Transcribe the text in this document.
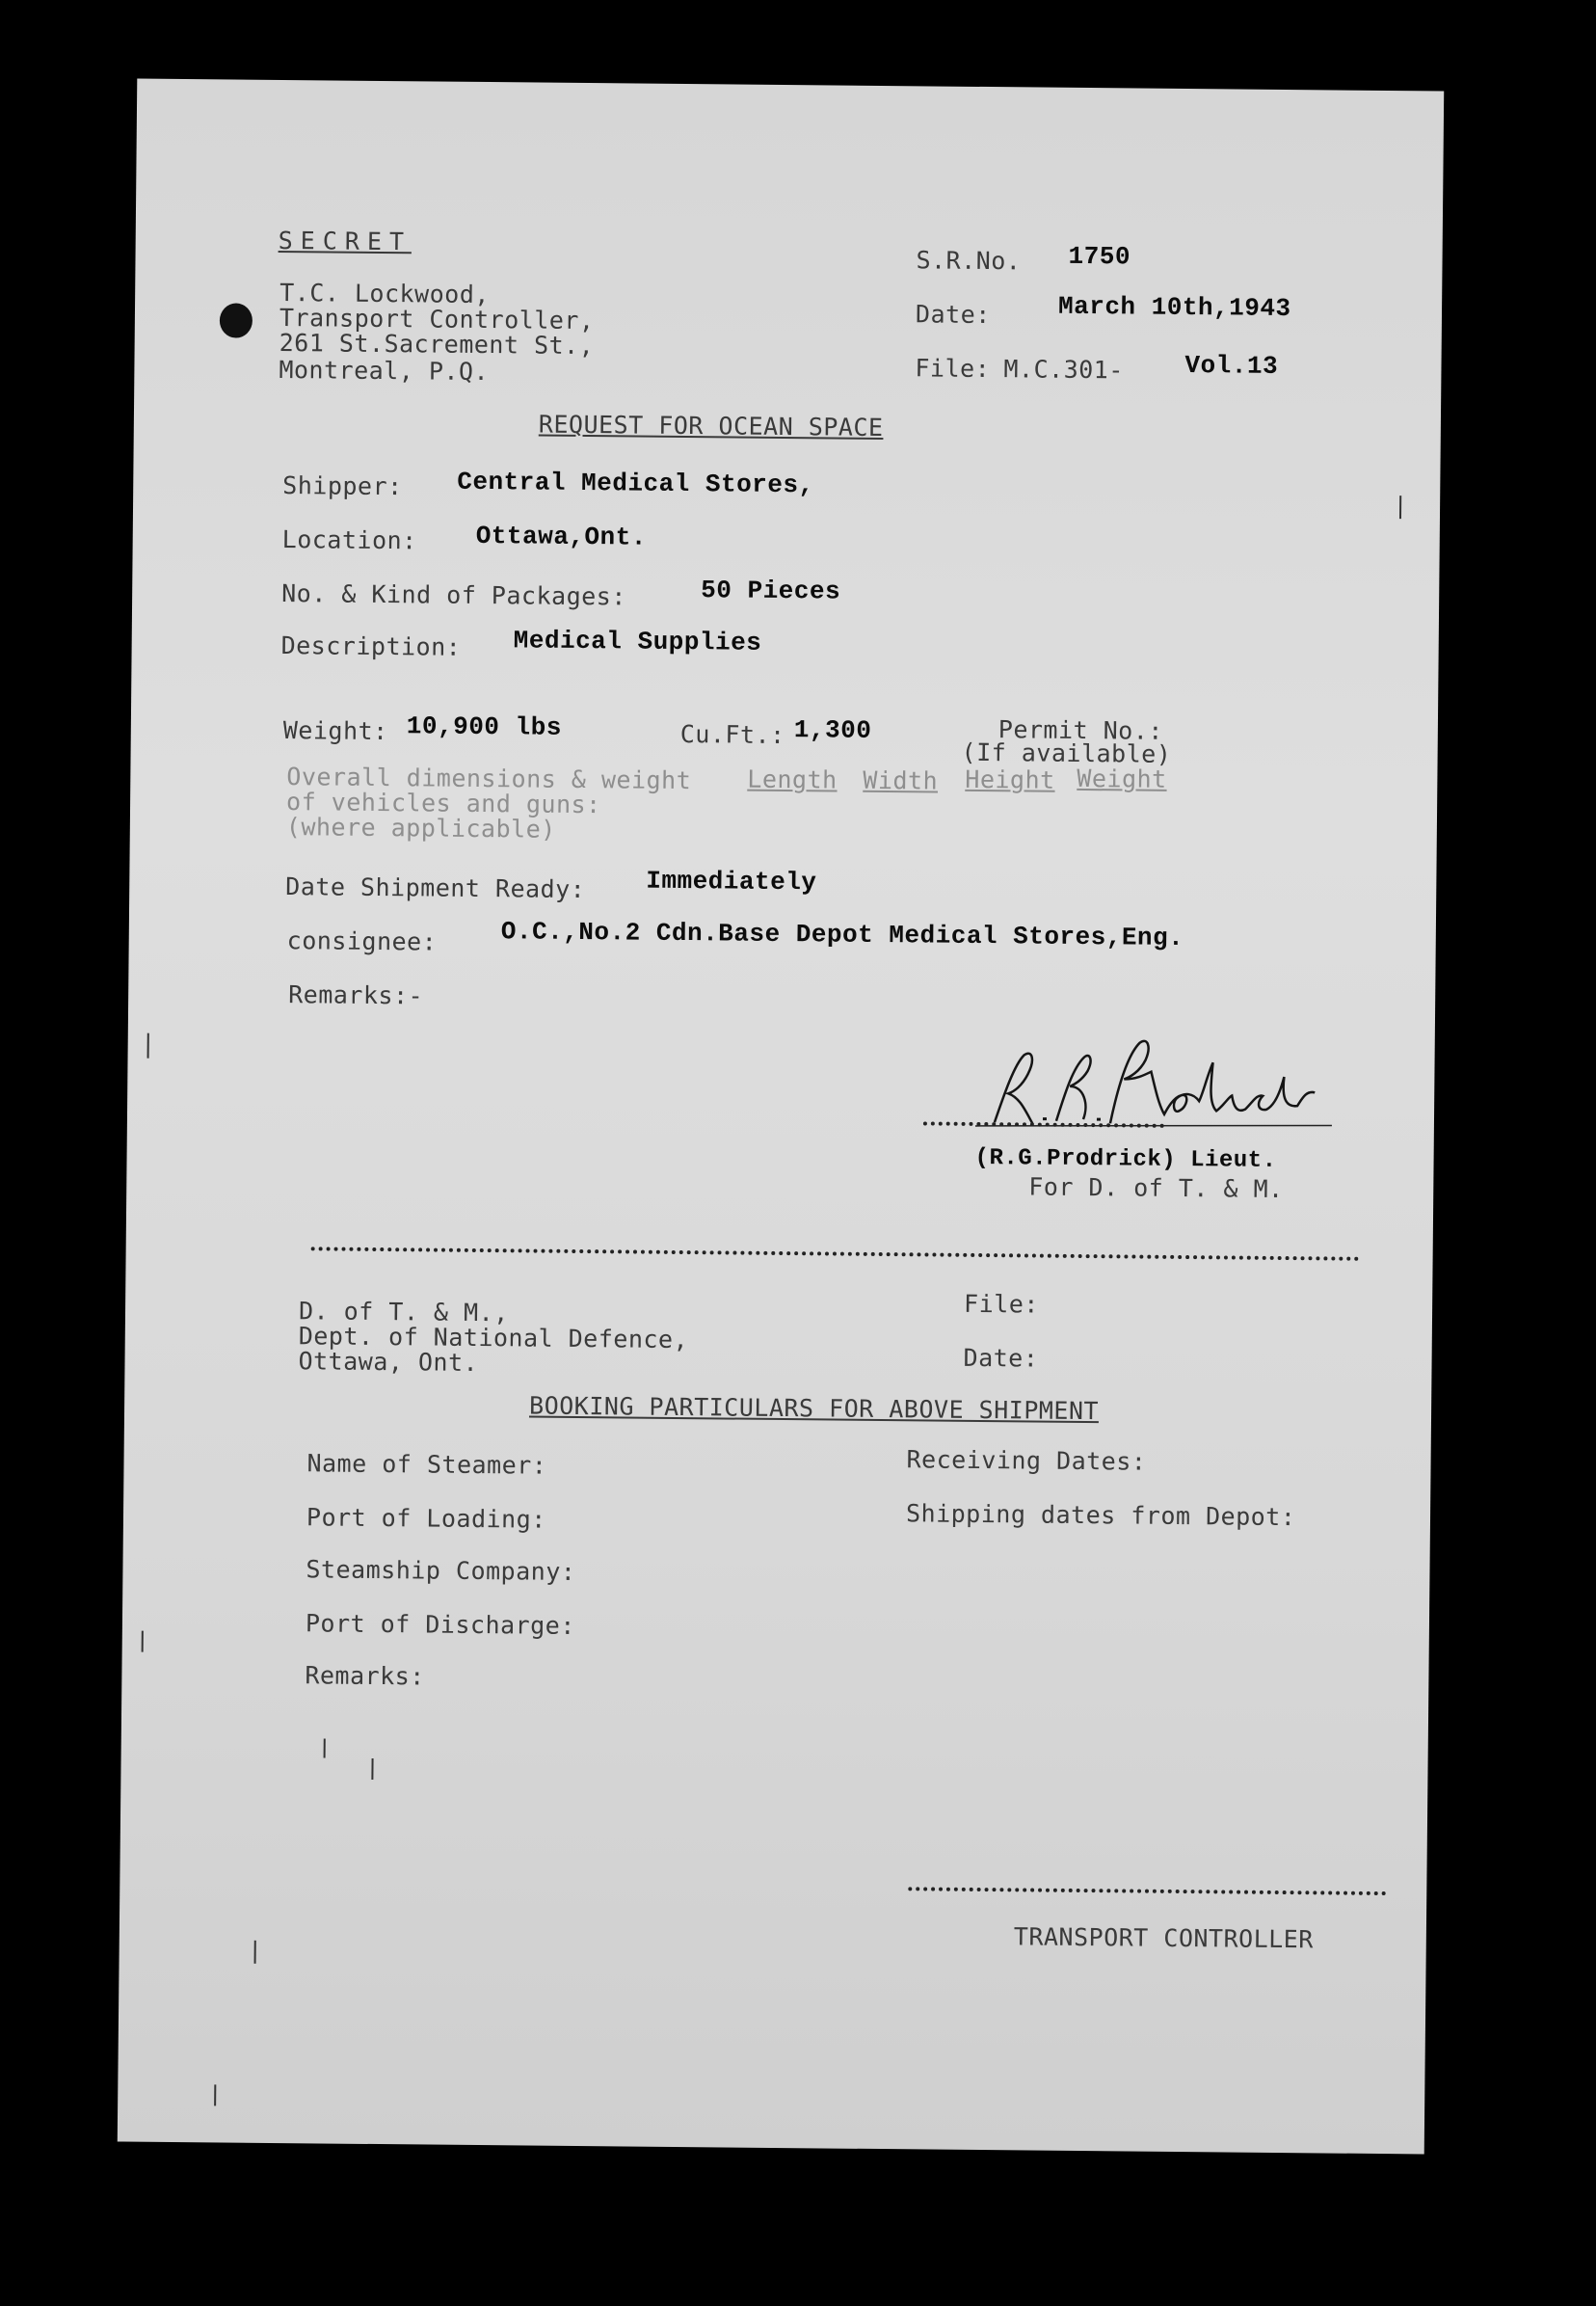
SECRET
T.C. Lockwood,
Transport Controller,
261 St.Sacrement St.,
Montreal, P.Q.
S.R.No. 1750
Date:	March 10th,1943
File: M.C.301- Vol.13
REQUEST FOR OCEAN SPACE
Shipper: Central Medical Stores,
Location: Ottawa,Ont.
No. & Kind of Packages:	50 Pieces
Description: Medical Supplies
Weight: 10,900 lbs	Cu.Ft.: 1,300	Permit No.:
(If available)
Overall dimensions & weight
of vehicles and guns:
(where applicable)
Length Width Height Weight
Date Shipment Ready: Immediately
consignee:	O.C.,No.2 Cdn.Base Depot Medical Stores,Eng.
Remarks:-
(R.G.Prodrick) Lieut.
For D. of T. & M.
D. of T. & M.,
Dept. of National Defence,
Ottawa, Ont.
File:
Date:
BOOKING PARTICULARS FOR ABOVE SHIPMENT
Name of Steamer:
Port of Loading:
Steamship Company:
Port of Discharge:
Remarks:
Receiving Dates:
Shipping dates from Depot:
TRANSPORT CONTROLLER
